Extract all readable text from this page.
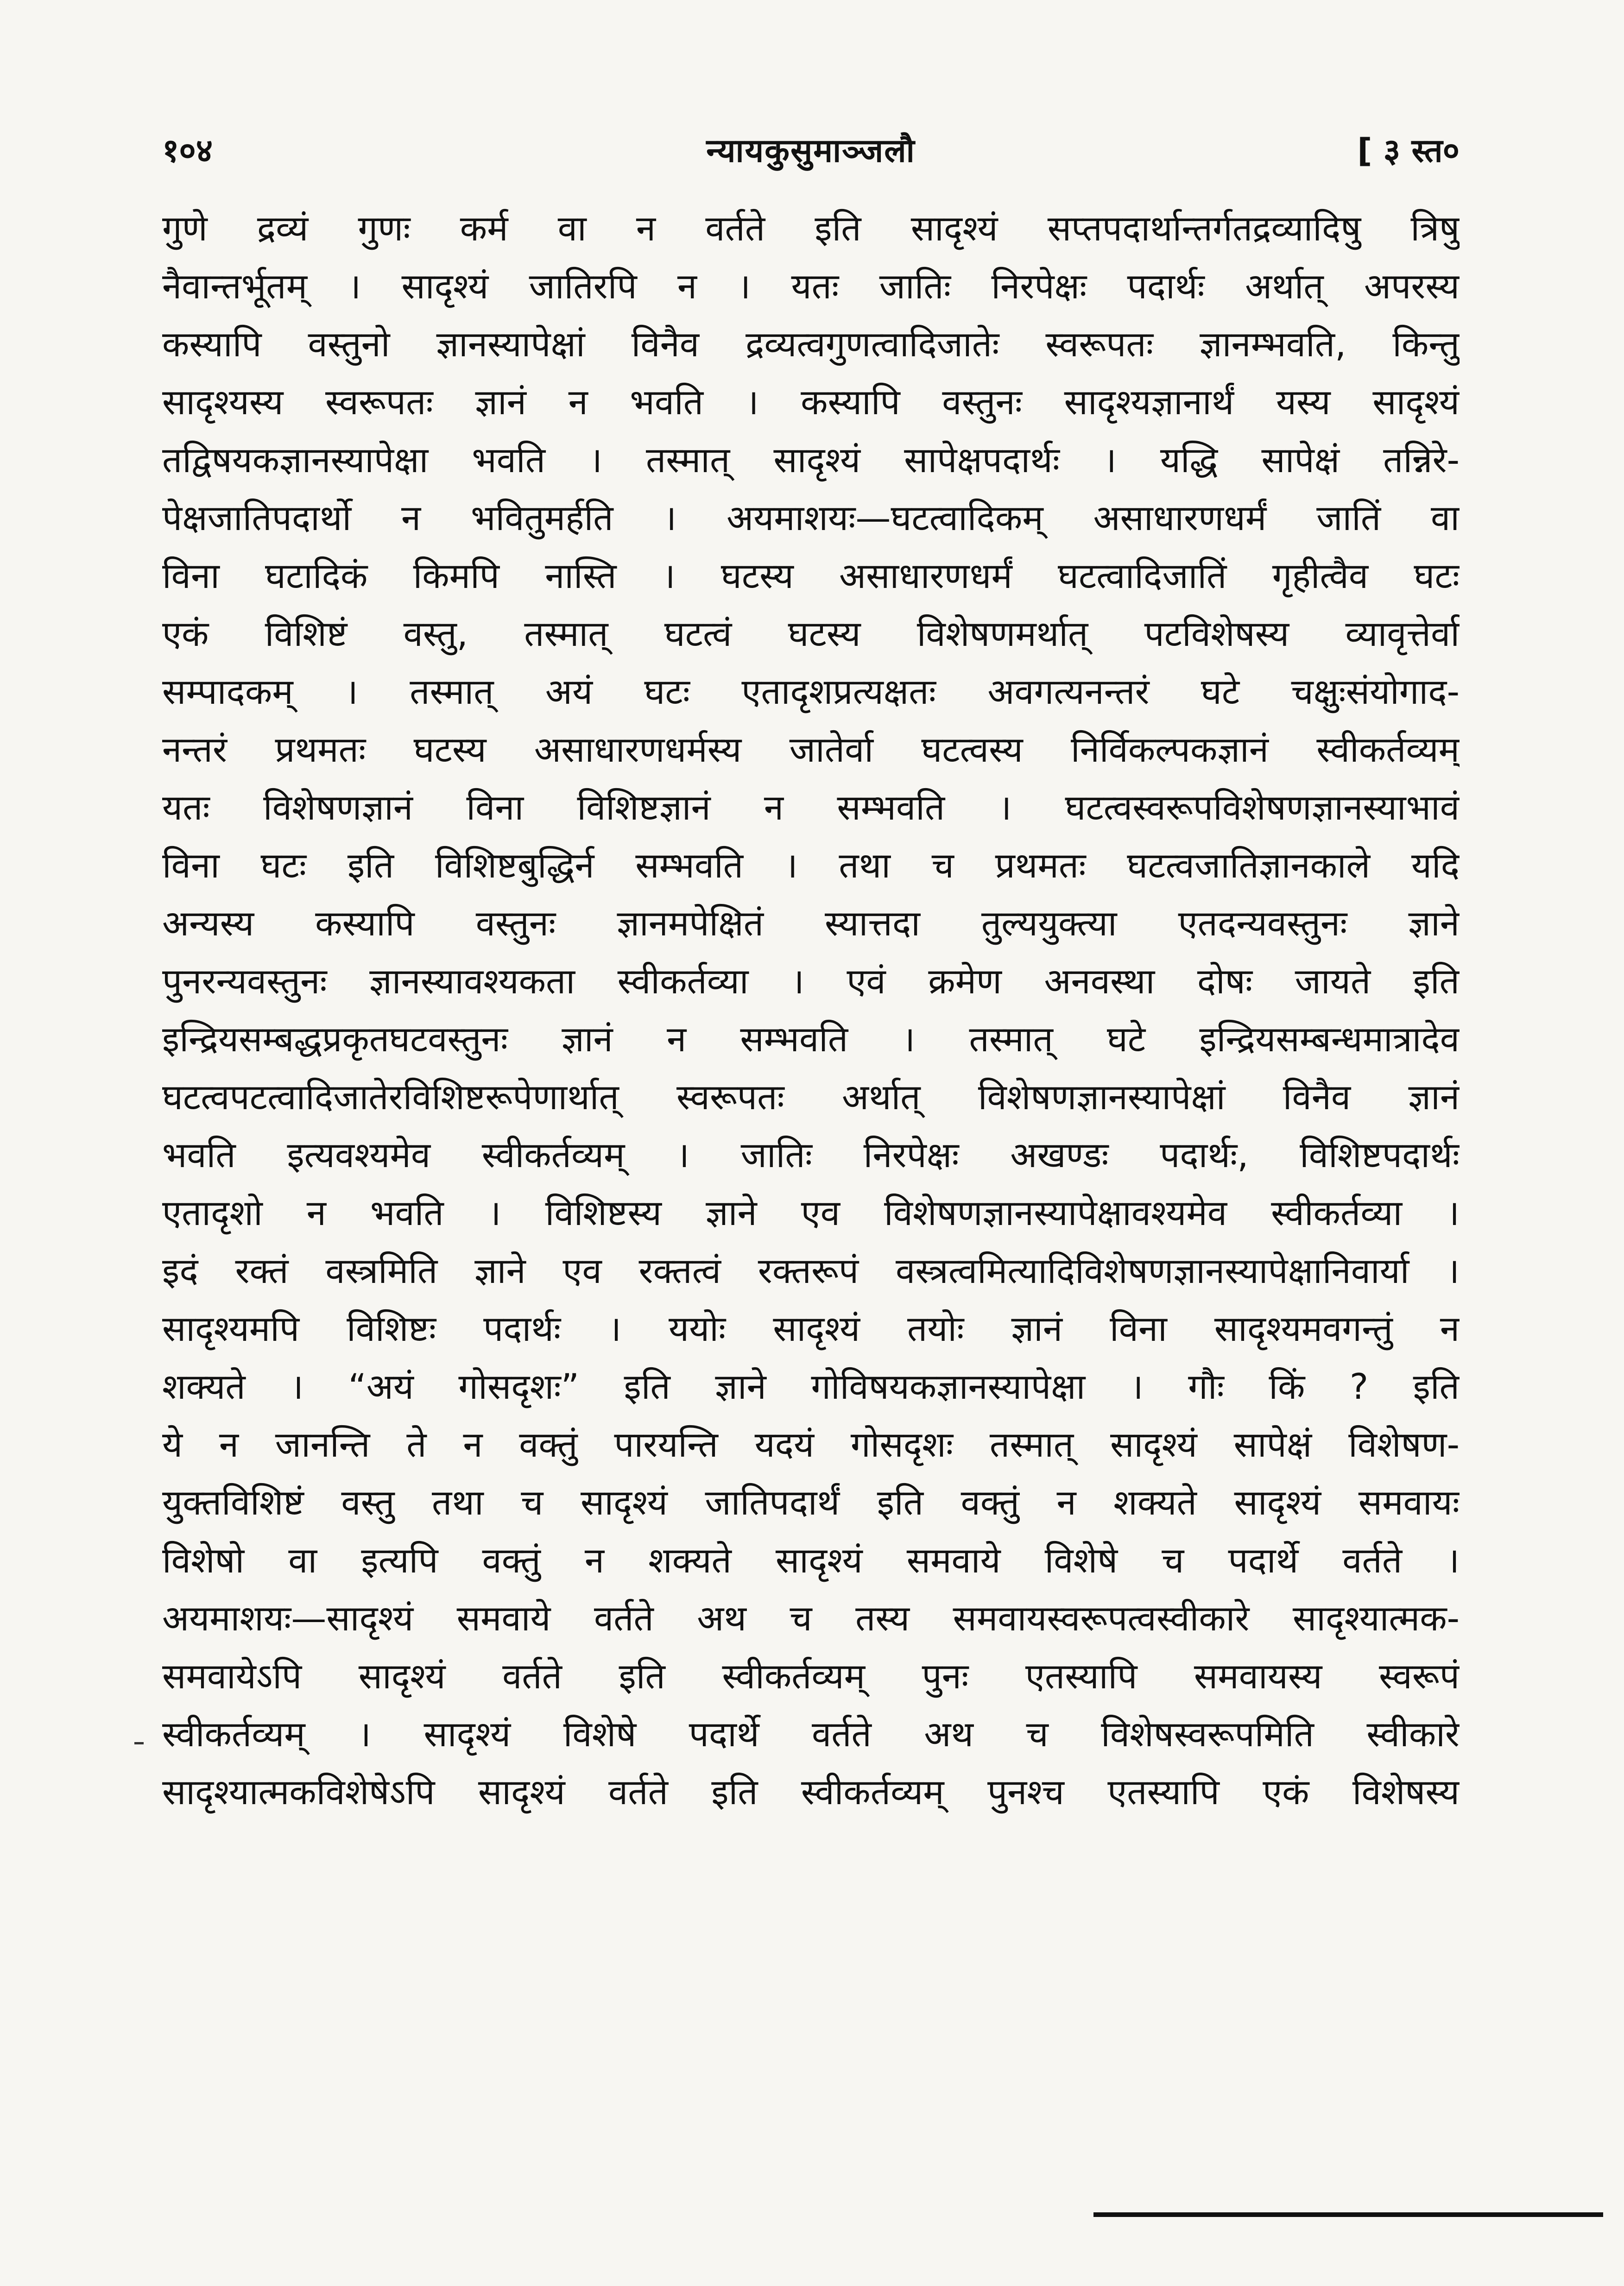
१०४	न्यायकुसुमाञ्जलौ	[ ३ स्त०
गुणे द्रव्यं गुणः कर्म वा न वर्तते इति सादृश्यं सप्तपदार्थान्तर्गतद्रव्यादिषु त्रिषु
नैवान्तर्भूतम् । सादृश्यं जातिरपि न । यतः जातिः निरपेक्षः पदार्थः अर्थात् अपरस्य
कस्यापि वस्तुनो ज्ञानस्यापेक्षां विनैव द्रव्यत्वगुणत्वादिजातेः स्वरूपतः ज्ञानम्भवति, किन्तु
सादृश्यस्य स्वरूपतः ज्ञानं न भवति । कस्यापि वस्तुनः सादृश्यज्ञानार्थं यस्य सादृश्यं
तद्विषयकज्ञानस्यापेक्षा भवति । तस्मात् सादृश्यं सापेक्षपदार्थः । यद्धि सापेक्षं तन्निरे-
पेक्षजातिपदार्थो न भवितुमर्हति । अयमाशयः—घटत्वादिकम् असाधारणधर्मं जातिं वा
विना घटादिकं किमपि नास्ति । घटस्य असाधारणधर्मं घटत्वादिजातिं गृहीत्वैव घटः
एकं विशिष्टं वस्तु, तस्मात् घटत्वं घटस्य विशेषणमर्थात् पटविशेषस्य व्यावृत्तेर्वा
सम्पादकम् । तस्मात् अयं घटः एतादृशप्रत्यक्षतः अवगत्यनन्तरं घटे चक्षुःसंयोगाद-
नन्तरं प्रथमतः घटस्य असाधारणधर्मस्य जातेर्वा घटत्वस्य निर्विकल्पकज्ञानं स्वीकर्तव्यम्
यतः विशेषणज्ञानं विना विशिष्टज्ञानं न सम्भवति । घटत्वस्वरूपविशेषणज्ञानस्याभावं
विना घटः इति विशिष्टबुद्धिर्न सम्भवति । तथा च प्रथमतः घटत्वजातिज्ञानकाले यदि
अन्यस्य कस्यापि वस्तुनः ज्ञानमपेक्षितं स्यात्तदा तुल्ययुक्त्या एतदन्यवस्तुनः ज्ञाने
पुनरन्यवस्तुनः ज्ञानस्यावश्यकता स्वीकर्तव्या । एवं क्रमेण अनवस्था दोषः जायते इति
इन्द्रियसम्बद्धप्रकृतघटवस्तुनः ज्ञानं न सम्भवति । तस्मात् घटे इन्द्रियसम्बन्धमात्रादेव
घटत्वपटत्वादिजातेरविशिष्टरूपेणार्थात् स्वरूपतः अर्थात् विशेषणज्ञानस्यापेक्षां विनैव ज्ञानं
भवति इत्यवश्यमेव स्वीकर्तव्यम् । जातिः निरपेक्षः अखण्डः पदार्थः, विशिष्टपदार्थः
एतादृशो न भवति । विशिष्टस्य ज्ञाने एव विशेषणज्ञानस्यापेक्षावश्यमेव स्वीकर्तव्या ।
इदं रक्तं वस्त्रमिति ज्ञाने एव रक्तत्वं रक्तरूपं वस्त्रत्वमित्यादिविशेषणज्ञानस्यापेक्षानिवार्या ।
सादृश्यमपि विशिष्टः पदार्थः । ययोः सादृश्यं तयोः ज्ञानं विना सादृश्यमवगन्तुं न
शक्यते । “अयं गोसदृशः” इति ज्ञाने गोविषयकज्ञानस्यापेक्षा । गौः किं ? इति
ये न जानन्ति ते न वक्तुं पारयन्ति यदयं गोसदृशः तस्मात् सादृश्यं सापेक्षं विशेषण-
युक्तविशिष्टं वस्तु तथा च सादृश्यं जातिपदार्थं इति वक्तुं न शक्यते सादृश्यं समवायः
विशेषो वा इत्यपि वक्तुं न शक्यते सादृश्यं समवाये विशेषे च पदार्थे वर्तते ।
अयमाशयः—सादृश्यं समवाये वर्तते अथ च तस्य समवायस्वरूपत्वस्वीकारे सादृश्यात्मक-
समवायेऽपि सादृश्यं वर्तते इति स्वीकर्तव्यम् पुनः एतस्यापि समवायस्य स्वरूपं
स्वीकर्तव्यम् । सादृश्यं विशेषे पदार्थे वर्तते अथ च विशेषस्वरूपमिति स्वीकारे
सादृश्यात्मकविशेषेऽपि सादृश्यं वर्तते इति स्वीकर्तव्यम् पुनश्च एतस्यापि एकं विशेषस्य
